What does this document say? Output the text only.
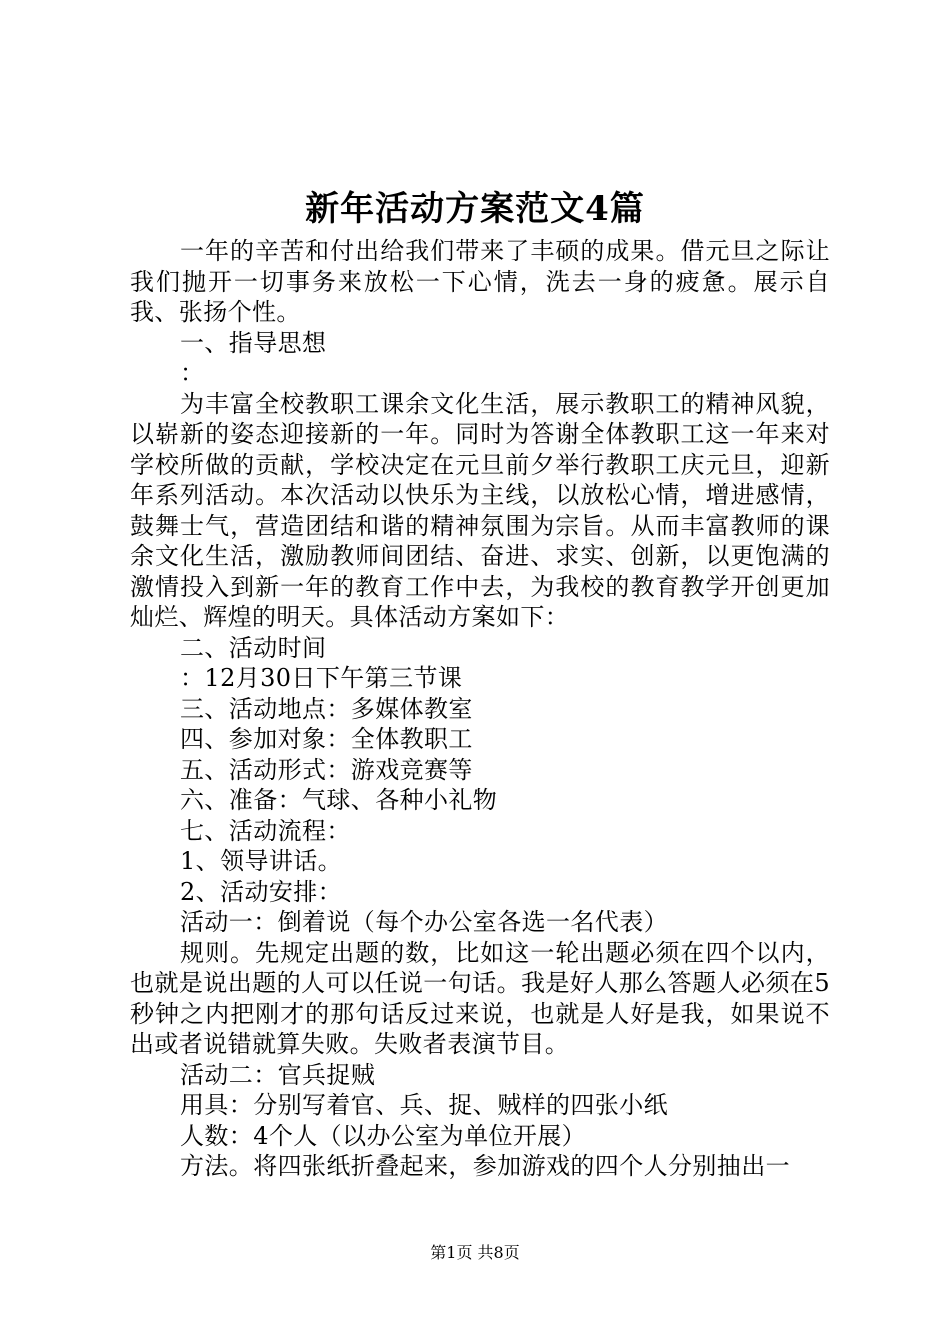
新年活动方案范文4篇

一年的辛苦和付出给我们带来了丰硕的成果。借元旦之际让我们抛开一切事务来放松一下心情，洗去一身的疲惫。展示自我、张扬个性。

一、指导思想

：

为丰富全校教职工课余文化生活，展示教职工的精神风貌，以崭新的姿态迎接新的一年。同时为答谢全体教职工这一年来对学校所做的贡献，学校决定在元旦前夕举行教职工庆元旦，迎新年系列活动。本次活动以快乐为主线，以放松心情，增进感情，鼓舞士气，营造团结和谐的精神氛围为宗旨。从而丰富教师的课余文化生活，激励教师间团结、奋进、求实、创新，以更饱满的激情投入到新一年的教育工作中去，为我校的教育教学开创更加灿烂、辉煌的明天。具体活动方案如下：

二、活动时间

：12月30日下午第三节课

三、活动地点：多媒体教室

四、参加对象：全体教职工

五、活动形式：游戏竞赛等

六、准备：气球、各种小礼物

七、活动流程：

1、领导讲话。

2、活动安排：

活动一：倒着说（每个办公室各选一名代表）

规则。先规定出题的数，比如这一轮出题必须在四个以内，也就是说出题的人可以任说一句话。我是好人那么答题人必须在5秒钟之内把刚才的那句话反过来说，也就是人好是我，如果说不出或者说错就算失败。失败者表演节目。

活动二：官兵捉贼

用具：分别写着官、兵、捉、贼样的四张小纸

人数：4个人（以办公室为单位开展）

方法。将四张纸折叠起来，参加游戏的四个人分别抽出一

第1页 共8页
